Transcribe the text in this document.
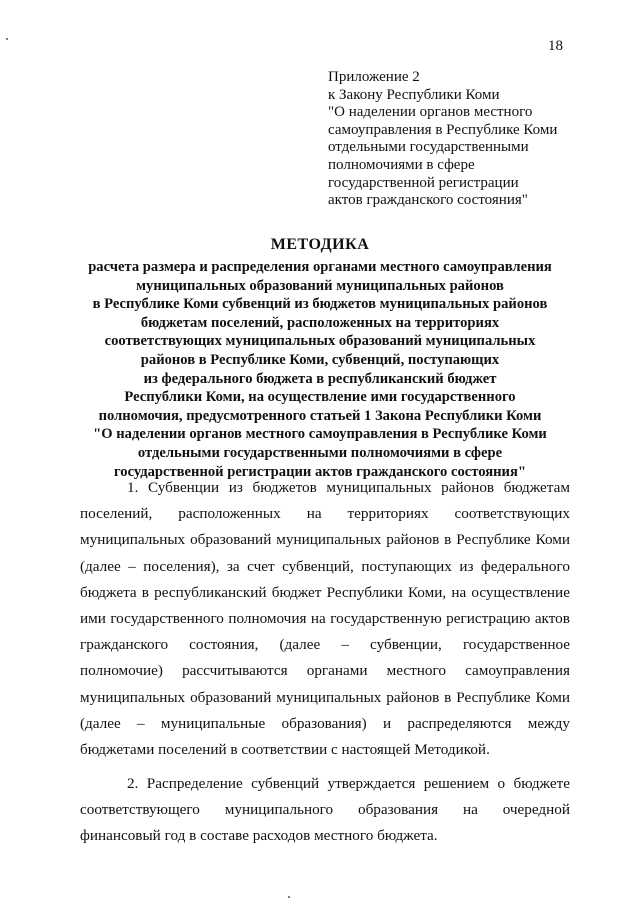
18
Приложение 2
к Закону Республики Коми
"О наделении органов местного
самоуправления в Республике Коми
отдельными государственными
полномочиями в сфере
государственной регистрации
актов гражданского состояния"
МЕТОДИКА
расчета размера и распределения органами местного самоуправления
муниципальных образований муниципальных районов
в Республике Коми субвенций из бюджетов муниципальных районов
бюджетам поселений, расположенных на территориях
соответствующих муниципальных образований муниципальных
районов в Республике Коми, субвенций, поступающих
из федерального бюджета в республиканский бюджет
Республики Коми, на осуществление ими государственного
полномочия, предусмотренного статьей 1 Закона Республики Коми
"О наделении органов местного самоуправления в Республике Коми
отдельными государственными полномочиями в сфере
государственной регистрации актов гражданского состояния"
1. Субвенции из бюджетов муниципальных районов бюджетам
поселений, расположенных на территориях соответствующих
муниципальных образований муниципальных районов в Республике Коми
(далее – поселения), за счет субвенций, поступающих из федерального
бюджета в республиканский бюджет Республики Коми, на осуществление
ими государственного полномочия на государственную регистрацию актов
гражданского состояния, (далее – субвенции, государственное
полномочие) рассчитываются органами местного самоуправления
муниципальных образований муниципальных районов в Республике Коми
(далее – муниципальные образования) и распределяются между
бюджетами поселений в соответствии с настоящей Методикой.
2. Распределение субвенций утверждается решением о бюджете
соответствующего муниципального образования на очередной
финансовый год в составе расходов местного бюджета.
